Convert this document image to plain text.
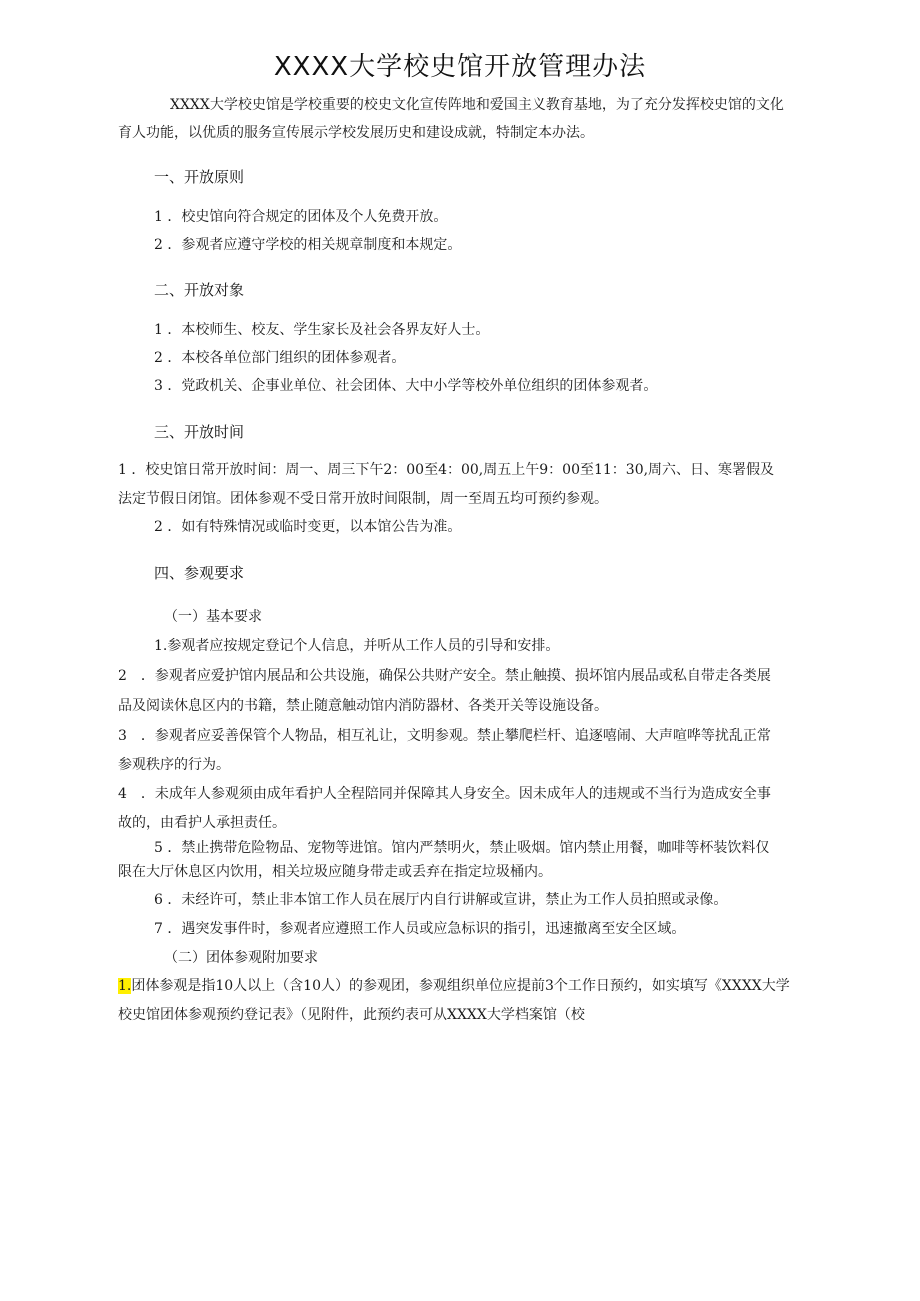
XXXX大学校史馆开放管理办法
XXXX大学校史馆是学校重要的校史文化宣传阵地和爱国主义教育基地，为了充分发挥校史馆的文化
育人功能，以优质的服务宣传展示学校发展历史和建设成就，特制定本办法。
一、开放原则
1 ．校史馆向符合规定的团体及个人免费开放。
2 ．参观者应遵守学校的相关规章制度和本规定。
二、开放对象
1 ．本校师生、校友、学生家长及社会各界友好人士。
2 ．本校各单位部门组织的团体参观者。
3 ．党政机关、企事业单位、社会团体、大中小学等校外单位组织的团体参观者。
三、开放时间
1 ．校史馆日常开放时间：周一、周三下午2：00至4：00,周五上午9：00至11：30,周六、日、寒署假及
法定节假日闭馆。团体参观不受日常开放时间限制，周一至周五均可预约参观。
2 ．如有特殊情况或临时变更，以本馆公告为准。
四、参观要求
（一）基本要求
1.参观者应按规定登记个人信息，并听从工作人员的引导和安排。
2　．参观者应爱护馆内展品和公共设施，确保公共财产安全。禁止触摸、损坏馆内展品或私自带走各类展
品及阅读休息区内的书籍，禁止随意触动馆内消防器材、各类开关等设施设备。
3　．参观者应妥善保管个人物品，相互礼让，文明参观。禁止攀爬栏杆、追逐嘻闹、大声喧哗等扰乱正常
参观秩序的行为。
4　．未成年人参观须由成年看护人全程陪同并保障其人身安全。因未成年人的违规或不当行为造成安全事
故的，由看护人承担责任。
5 ．禁止携带危险物品、宠物等进馆。馆内严禁明火，禁止吸烟。馆内禁止用餐，咖啡等杯装饮料仅
限在大厅休息区内饮用，相关垃圾应随身带走或丢弃在指定垃圾桶内。
6 ．未经许可，禁止非本馆工作人员在展厅内自行讲解或宣讲，禁止为工作人员拍照或录像。
7 ．遇突发事件时，参观者应遵照工作人员或应急标识的指引，迅速撤离至安全区域。
（二）团体参观附加要求
1.团体参观是指10人以上（含10人）的参观团，参观组织单位应提前3个工作日预约，如实填写《XXXX大学
校史馆团体参观预约登记表》（见附件，此预约表可从XXXX大学档案馆（校
